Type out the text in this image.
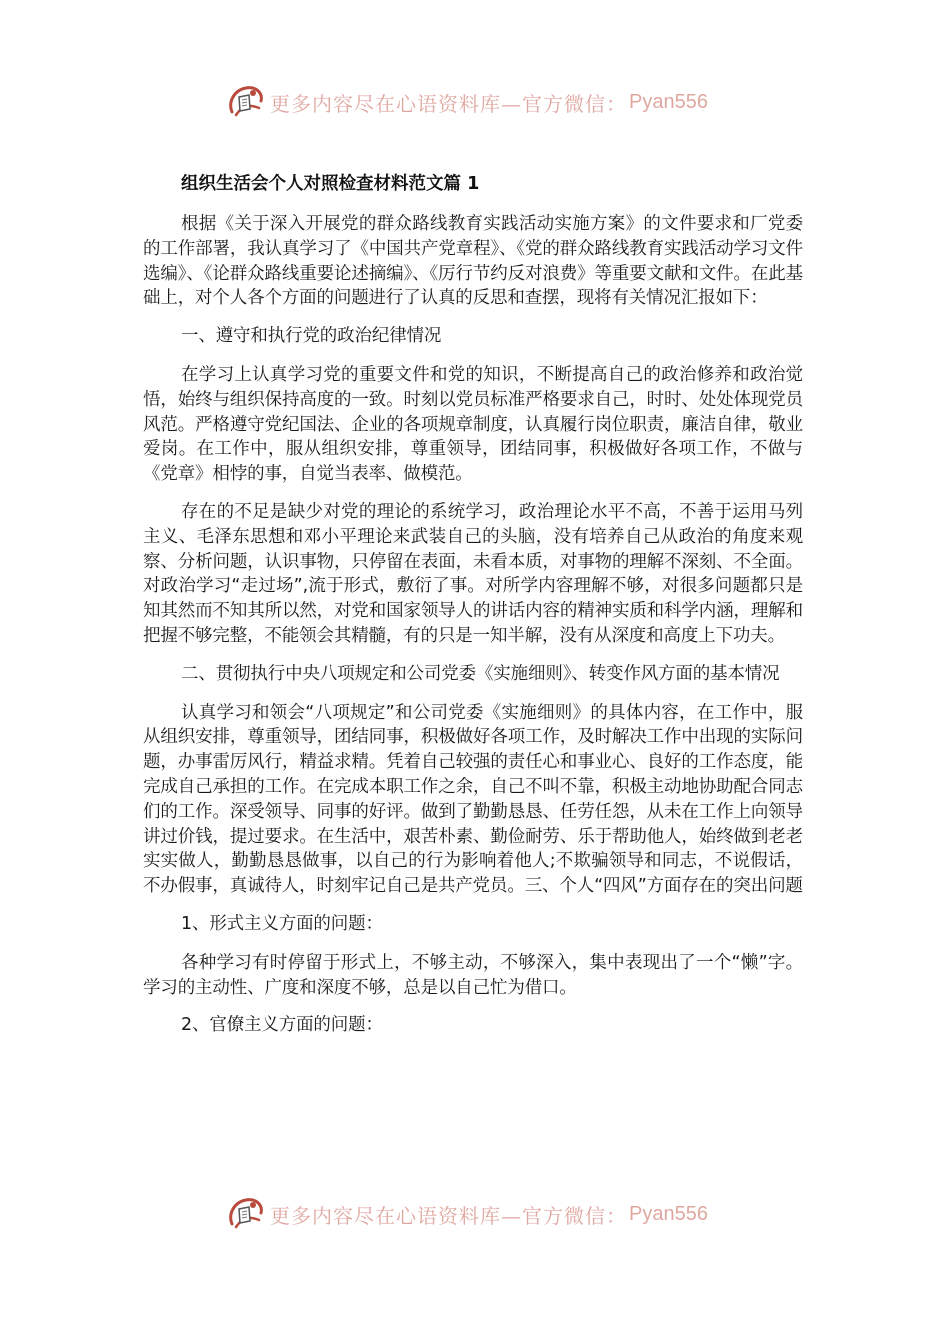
更多内容尽在心语资料库—官方微信： Pyan556
组织生活会个人对照检查材料范文篇 1

根据《关于深入开展党的群众路线教育实践活动实施方案》的文件要求和厂党委的工作部署，我认真学习了《中国共产党章程》、《党的群众路线教育实践活动学习文件选编》、《论群众路线重要论述摘编》、《厉行节约反对浪费》等重要文献和文件。在此基础上，对个人各个方面的问题进行了认真的反思和查摆，现将有关情况汇报如下：

一、遵守和执行党的政治纪律情况

在学习上认真学习党的重要文件和党的知识，不断提高自己的政治修养和政治觉悟，始终与组织保持高度的一致。时刻以党员标准严格要求自己，时时、处处体现党员风范。严格遵守党纪国法、企业的各项规章制度，认真履行岗位职责，廉洁自律，敬业爱岗。在工作中，服从组织安排，尊重领导，团结同事，积极做好各项工作，不做与《党章》相悖的事，自觉当表率、做模范。

存在的不足是缺少对党的理论的系统学习，政治理论水平不高，不善于运用马列主义、毛泽东思想和邓小平理论来武装自己的头脑，没有培养自己从政治的角度来观察、分析问题，认识事物，只停留在表面，未看本质，对事物的理解不深刻、不全面。对政治学习“走过场”,流于形式，敷衍了事。对所学内容理解不够，对很多问题都只是知其然而不知其所以然，对党和国家领导人的讲话内容的精神实质和科学内涵，理解和把握不够完整，不能领会其精髓，有的只是一知半解，没有从深度和高度上下功夫。

二、贯彻执行中央八项规定和公司党委《实施细则》、转变作风方面的基本情况

认真学习和领会“八项规定”和公司党委《实施细则》的具体内容，在工作中，服从组织安排，尊重领导，团结同事，积极做好各项工作，及时解决工作中出现的实际问题，办事雷厉风行，精益求精。凭着自己较强的责任心和事业心、良好的工作态度，能完成自己承担的工作。在完成本职工作之余，自己不叫不靠，积极主动地协助配合同志们的工作。深受领导、同事的好评。做到了勤勤恳恳、任劳任怨，从未在工作上向领导讲过价钱，提过要求。在生活中，艰苦朴素、勤俭耐劳、乐于帮助他人，始终做到老老实实做人，勤勤恳恳做事，以自己的行为影响着他人;不欺骗领导和同志，不说假话，不办假事，真诚待人，时刻牢记自己是共产党员。三、个人“四风”方面存在的突出问题

1、形式主义方面的问题：

各种学习有时停留于形式上，不够主动，不够深入，集中表现出了一个“懒”字。学习的主动性、广度和深度不够，总是以自己忙为借口。

2、官僚主义方面的问题：

更多内容尽在心语资料库—官方微信： Pyan556
